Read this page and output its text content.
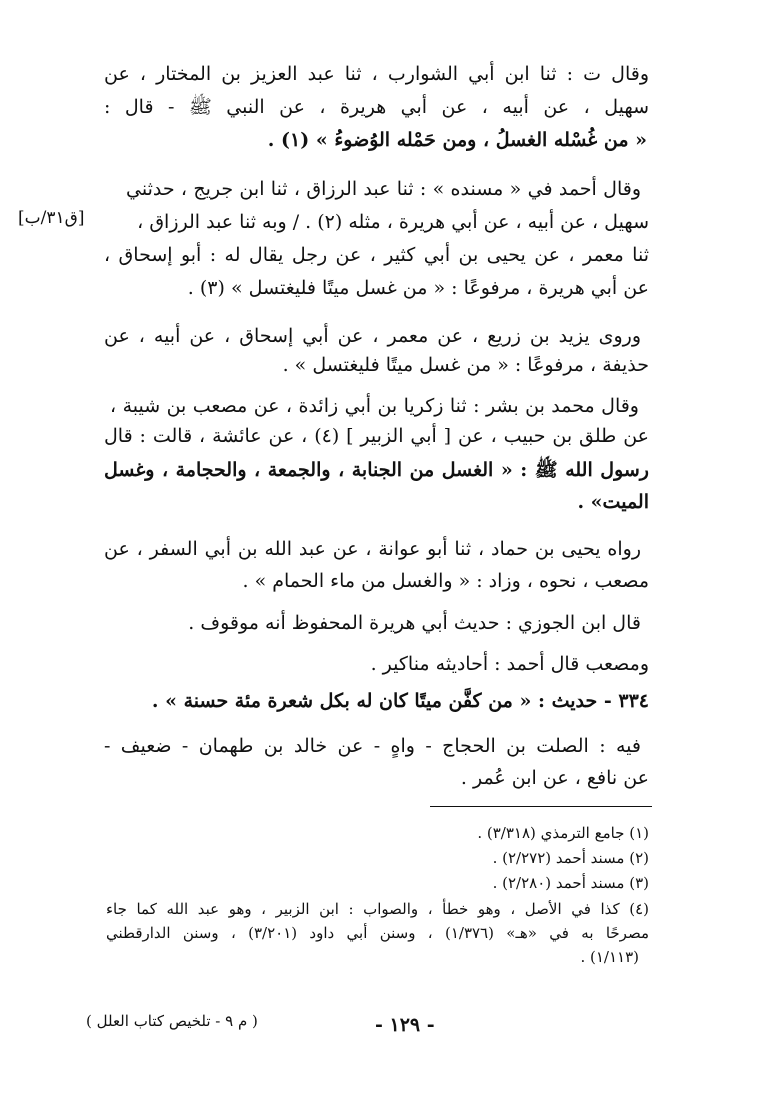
وقال ت : ثنا ابن أبي الشوارب ، ثنا عبد العزيز بن المختار ، عن
سهيل ، عن أبيه ، عن أبي هريرة ، عن النبي ﷺ - قال :
« من غُسْله الغسلُ ، ومن حَمْله الوُضوءُ » (١) .
وقال أحمد في « مسنده » : ثنا عبد الرزاق ، ثنا ابن جريج ، حدثني
سهيل ، عن أبيه ، عن أبي هريرة ، مثله (٢) . / وبه ثنا عبد الرزاق ،
ثنا معمر ، عن يحيى بن أبي كثير ، عن رجل يقال له : أبو إسحاق ،
عن أبي هريرة ، مرفوعًا : « من غسل ميتًا فليغتسل » (٣) .
وروى يزيد بن زريع ، عن معمر ، عن أبي إسحاق ، عن أبيه ، عن
حذيفة ، مرفوعًا : « من غسل ميتًا فليغتسل » .
وقال محمد بن بشر : ثنا زكريا بن أبي زائدة ، عن مصعب بن شيبة ،
عن طلق بن حبيب ، عن [ أبي الزبير ] (٤) ، عن عائشة ، قالت : قال
رسول الله ﷺ : « الغسل من الجنابة ، والجمعة ، والحجامة ، وغسل
الميت» .
رواه يحيى بن حماد ، ثنا أبو عوانة ، عن عبد الله بن أبي السفر ، عن
مصعب ، نحوه ، وزاد : « والغسل من ماء الحمام » .
قال ابن الجوزي : حديث أبي هريرة المحفوظ أنه موقوف .
ومصعب قال أحمد : أحاديثه مناكير .
٣٣٤ - حديث : « من كفَّن ميتًا كان له بكل شعرة مئة حسنة » .
فيه : الصلت بن الحجاج - واهٍ - عن خالد بن طهمان - ضعيف -
عن نافع ، عن ابن عُمر .
[ق٣١/ب]
(١) جامع الترمذي (٣/٣١٨) .
(٢) مسند أحمد (٢/٢٧٢) .
(٣) مسند أحمد (٢/٢٨٠) .
(٤) كذا في الأصل ، وهو خطأ ، والصواب : ابن الزبير ، وهو عبد الله كما جاء
مصرحًا به في «هـ» (١/٣٧٦) ، وسنن أبي داود (٣/٢٠١) ، وسنن الدارقطني
(١/١١٣) .
( م ٩ - تلخيص كتاب العلل )	- ١٢٩ -
